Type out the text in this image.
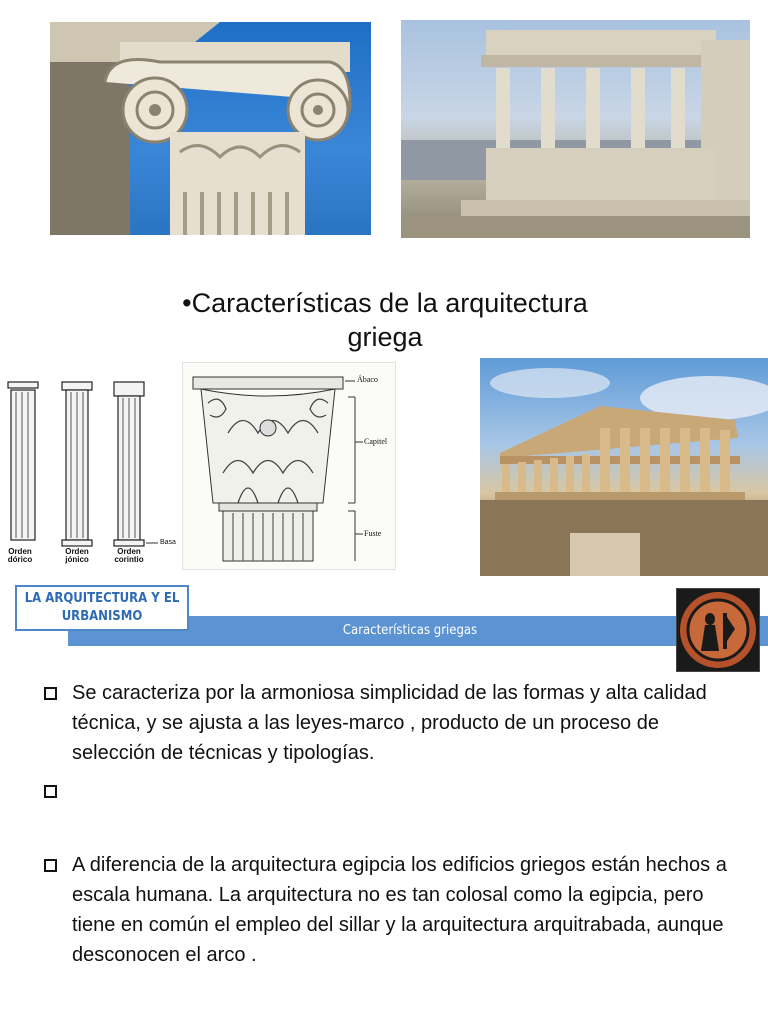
•Características de la arquitectura griega
Orden
dórico
Orden
jónico
Orden
corintio
Basa
Ábaco
Capitel
Fuste
Características griegas
LA ARQUITECTURA Y EL URBANISMO
Se caracteriza por la armoniosa simplicidad de las formas y alta calidad técnica, y se ajusta a las leyes-marco , producto de un proceso de selección de técnicas y tipologías.
A diferencia de la arquitectura egipcia los edificios griegos están hechos a escala humana. La arquitectura no es tan colosal como la egipcia, pero tiene en común el empleo del sillar y la arquitectura arquitrabada, aunque desconocen el arco .
